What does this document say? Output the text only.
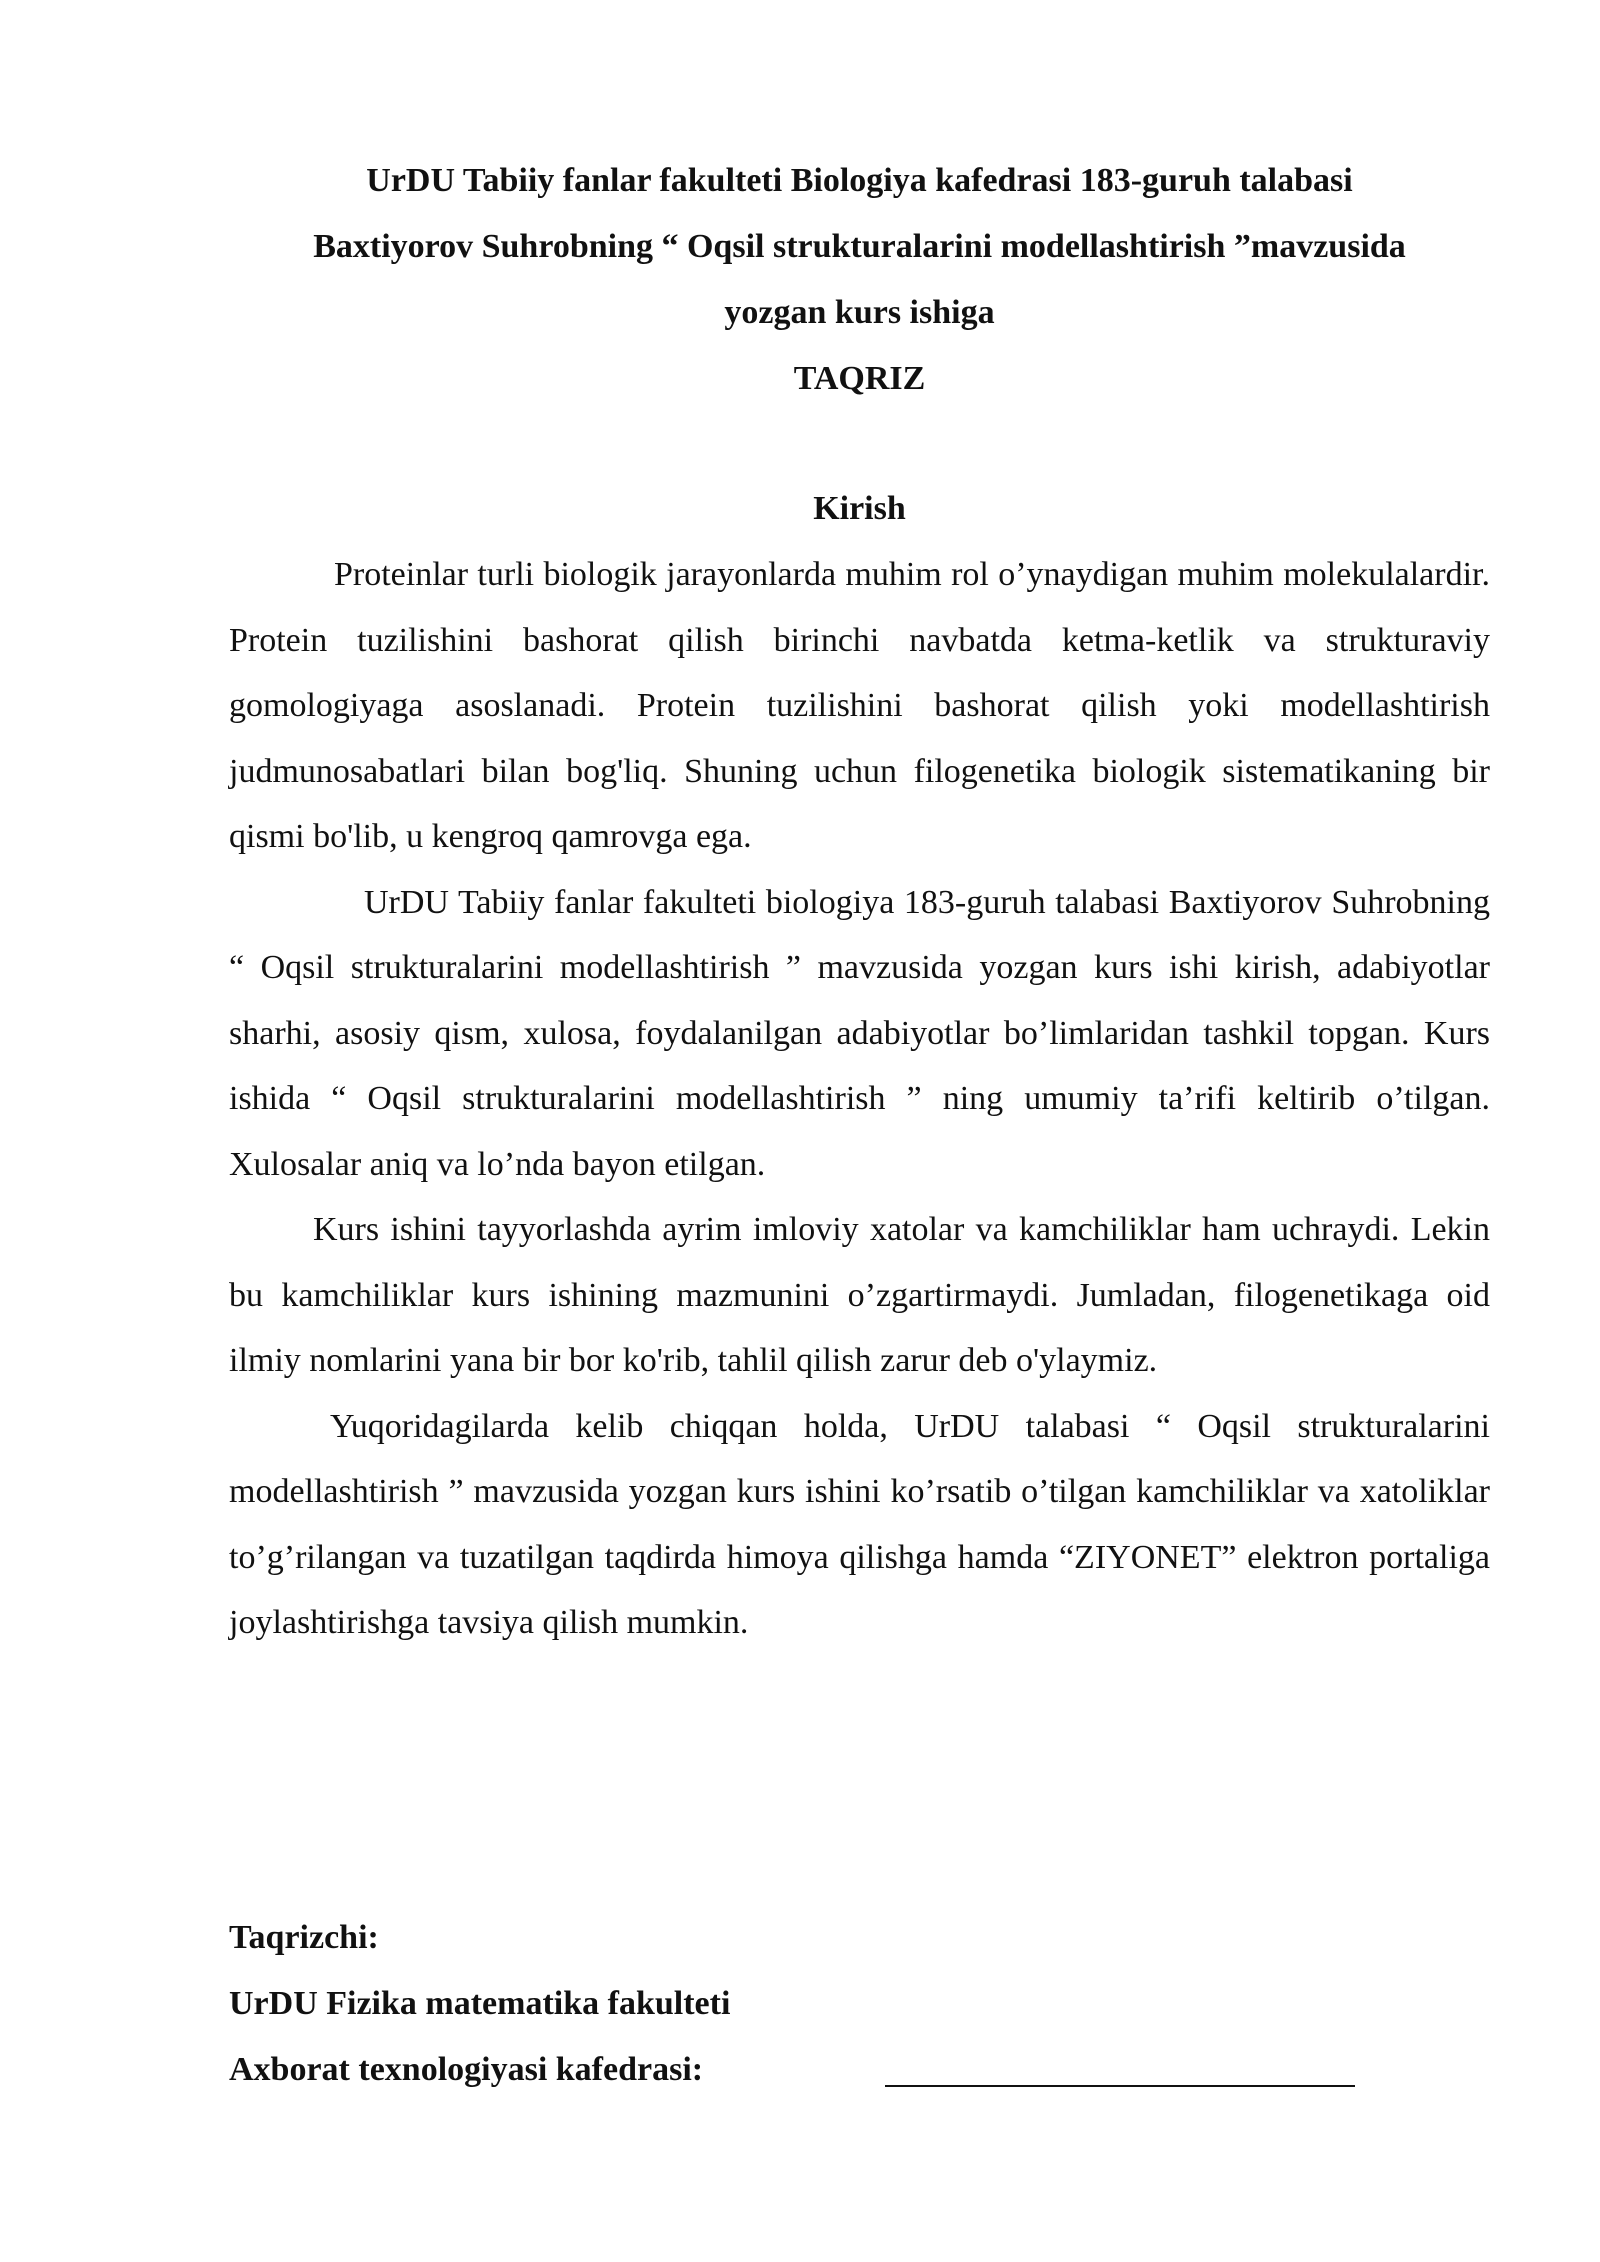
UrDU Tabiiy fanlar fakulteti Biologiya kafedrasi 183-guruh talabasi
Baxtiyorov Suhrobning “ Oqsil strukturalarini modellashtirish ”mavzusida
yozgan kurs ishiga
TAQRIZ
Kirish

Proteinlar turli biologik jarayonlarda muhim rol o’ynaydigan muhim molekulalardir. Protein tuzilishini bashorat qilish birinchi navbatda ketma-ketlik va strukturaviy gomologiyaga asoslanadi. Protein tuzilishini bashorat qilish yoki modellashtirish judmunosabatlari bilan bog'liq. Shuning uchun filogenetika biologik sistematikaning bir qismi bo'lib, u kengroq qamrovga ega.

UrDU Tabiiy fanlar fakulteti biologiya 183-guruh talabasi Baxtiyorov Suhrobning “ Oqsil strukturalarini modellashtirish ” mavzusida yozgan kurs ishi kirish, adabiyotlar sharhi, asosiy qism, xulosa, foydalanilgan adabiyotlar bo’limlaridan tashkil topgan. Kurs ishida “ Oqsil strukturalarini modellashtirish ” ning umumiy ta’rifi keltirib o’tilgan. Xulosalar aniq va lo’nda bayon etilgan.

Kurs ishini tayyorlashda ayrim imloviy xatolar va kamchiliklar ham uchraydi. Lekin bu kamchiliklar kurs ishining mazmunini o’zgartirmaydi. Jumladan, filogenetikaga oid ilmiy nomlarini yana bir bor ko'rib, tahlil qilish zarur deb o'ylaymiz.

Yuqoridagilarda kelib chiqqan holda, UrDU talabasi “ Oqsil strukturalarini modellashtirish ” mavzusida yozgan kurs ishini ko’rsatib o’tilgan kamchiliklar va xatoliklar to’g’rilangan va tuzatilgan taqdirda himoya qilishga hamda “ZIYONET” elektron portaliga joylashtirishga tavsiya qilish mumkin.

Taqrizchi:
UrDU Fizika matematika fakulteti
Axborat texnologiyasi kafedrasi:
